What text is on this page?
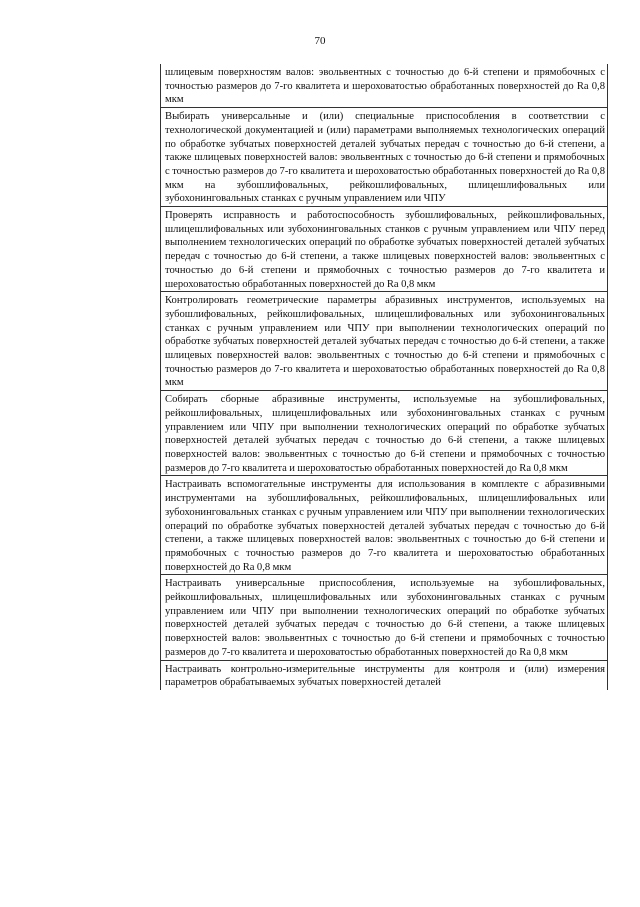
70
шлицевым поверхностям валов: эвольвентных с точностью до 6-й степени и прямобочных с точностью размеров до 7-го квалитета и шероховатостью обработанных поверхностей до Ra 0,8 мкм
Выбирать универсальные и (или) специальные приспособления в соответствии с технологической документацией и (или) параметрами выполняемых технологических операций по обработке зубчатых поверхностей деталей зубчатых передач с точностью до 6-й степени, а также шлицевых поверхностей валов: эвольвентных с точностью до 6-й степени и прямобочных с точностью размеров до 7-го квалитета и шероховатостью обработанных поверхностей до Ra 0,8 мкм на зубошлифовальных, рейкошлифовальных, шлицешлифовальных или зубохонинговальных станках с ручным управлением или ЧПУ
Проверять исправность и работоспособность зубошлифовальных, рейкошлифовальных, шлицешлифовальных или зубохонинговальных станков с ручным управлением или ЧПУ перед выполнением технологических операций по обработке зубчатых поверхностей деталей зубчатых передач с точностью до 6-й степени, а также шлицевых поверхностей валов: эвольвентных с точностью до 6-й степени и прямобочных с точностью размеров до 7-го квалитета и шероховатостью обработанных поверхностей до Ra 0,8 мкм
Контролировать геометрические параметры абразивных инструментов, используемых на зубошлифовальных, рейкошлифовальных, шлицешлифовальных или зубохонинговальных станках с ручным управлением или ЧПУ при выполнении технологических операций по обработке зубчатых поверхностей деталей зубчатых передач с точностью до 6-й степени, а также шлицевых поверхностей валов: эвольвентных с точностью до 6-й степени и прямобочных с точностью размеров до 7-го квалитета и шероховатостью обработанных поверхностей до Ra 0,8 мкм
Собирать сборные абразивные инструменты, используемые на зубошлифовальных, рейкошлифовальных, шлицешлифовальных или зубохонинговальных станках с ручным управлением или ЧПУ при выполнении технологических операций по обработке зубчатых поверхностей деталей зубчатых передач с точностью до 6-й степени, а также шлицевых поверхностей валов: эвольвентных с точностью до 6-й степени и прямобочных с точностью размеров до 7-го квалитета и шероховатостью обработанных поверхностей до Ra 0,8 мкм
Настраивать вспомогательные инструменты для использования в комплекте с абразивными инструментами на зубошлифовальных, рейкошлифовальных, шлицешлифовальных или зубохонинговальных станках с ручным управлением или ЧПУ при выполнении технологических операций по обработке зубчатых поверхностей деталей зубчатых передач с точностью до 6-й степени, а также шлицевых поверхностей валов: эвольвентных с точностью до 6-й степени и прямобочных с точностью размеров до 7-го квалитета и шероховатостью обработанных поверхностей до Ra 0,8 мкм
Настраивать универсальные приспособления, используемые на зубошлифовальных, рейкошлифовальных, шлицешлифовальных или зубохонинговальных станках с ручным управлением или ЧПУ при выполнении технологических операций по обработке зубчатых поверхностей деталей зубчатых передач с точностью до 6-й степени, а также шлицевых поверхностей валов: эвольвентных с точностью до 6-й степени и прямобочных с точностью размеров до 7-го квалитета и шероховатостью обработанных поверхностей до Ra 0,8 мкм
Настраивать контрольно-измерительные инструменты для контроля и (или) измерения параметров обрабатываемых зубчатых поверхностей деталей
